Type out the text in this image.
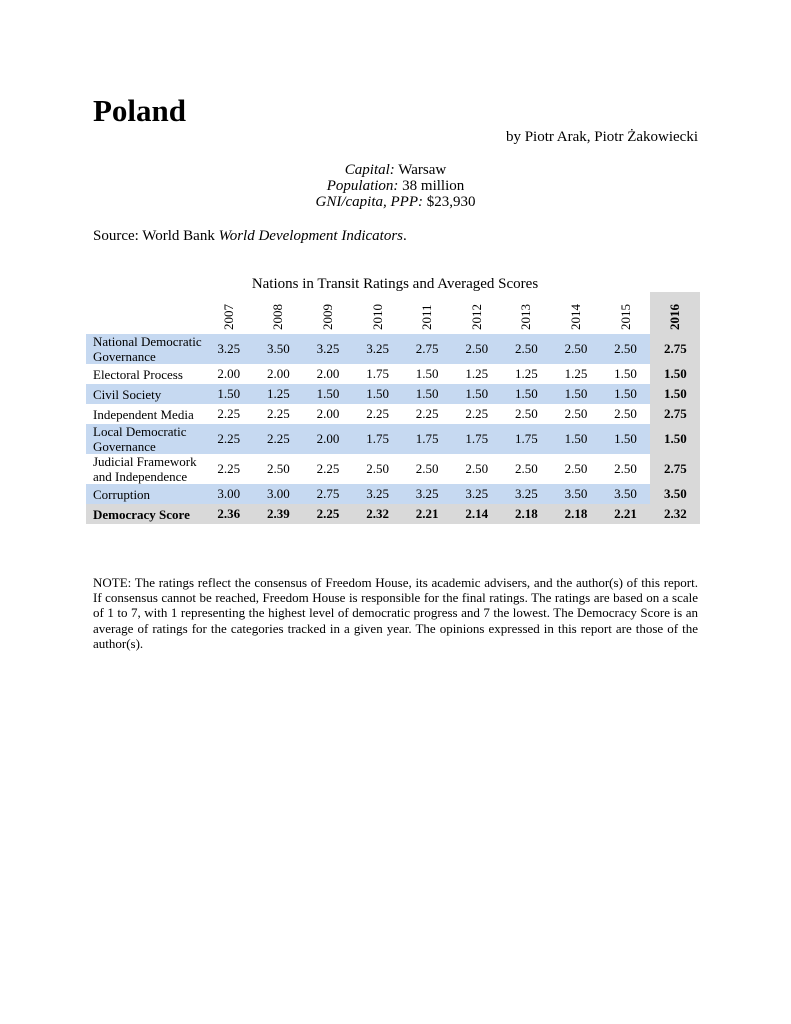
Poland
by Piotr Arak, Piotr Żakowiecki
Capital: Warsaw
Population: 38 million
GNI/capita, PPP: $23,930
Source: World Bank World Development Indicators.
Nations in Transit Ratings and Averaged Scores

	2007	2008	2009	2010	2011	2012	2013	2014	2015	2016

National Democratic Governance	3.25	3.50	3.25	3.25	2.75	2.50	2.50	2.50	2.50	2.75
Electoral Process	2.00	2.00	2.00	1.75	1.50	1.25	1.25	1.25	1.50	1.50
Civil Society	1.50	1.25	1.50	1.50	1.50	1.50	1.50	1.50	1.50	1.50
Independent Media	2.25	2.25	2.00	2.25	2.25	2.25	2.50	2.50	2.50	2.75
Local Democratic Governance	2.25	2.25	2.00	1.75	1.75	1.75	1.75	1.50	1.50	1.50
Judicial Framework and Independence	2.25	2.50	2.25	2.50	2.50	2.50	2.50	2.50	2.50	2.75
Corruption	3.00	3.00	2.75	3.25	3.25	3.25	3.25	3.50	3.50	3.50
Democracy Score	2.36	2.39	2.25	2.32	2.21	2.14	2.18	2.18	2.21	2.32

NOTE: The ratings reflect the consensus of Freedom House, its academic advisers, and the author(s) of this report. If consensus cannot be reached, Freedom House is responsible for the final ratings. The ratings are based on a scale of 1 to 7, with 1 representing the highest level of democratic progress and 7 the lowest. The Democracy Score is an average of ratings for the categories tracked in a given year. The opinions expressed in this report are those of the author(s).
